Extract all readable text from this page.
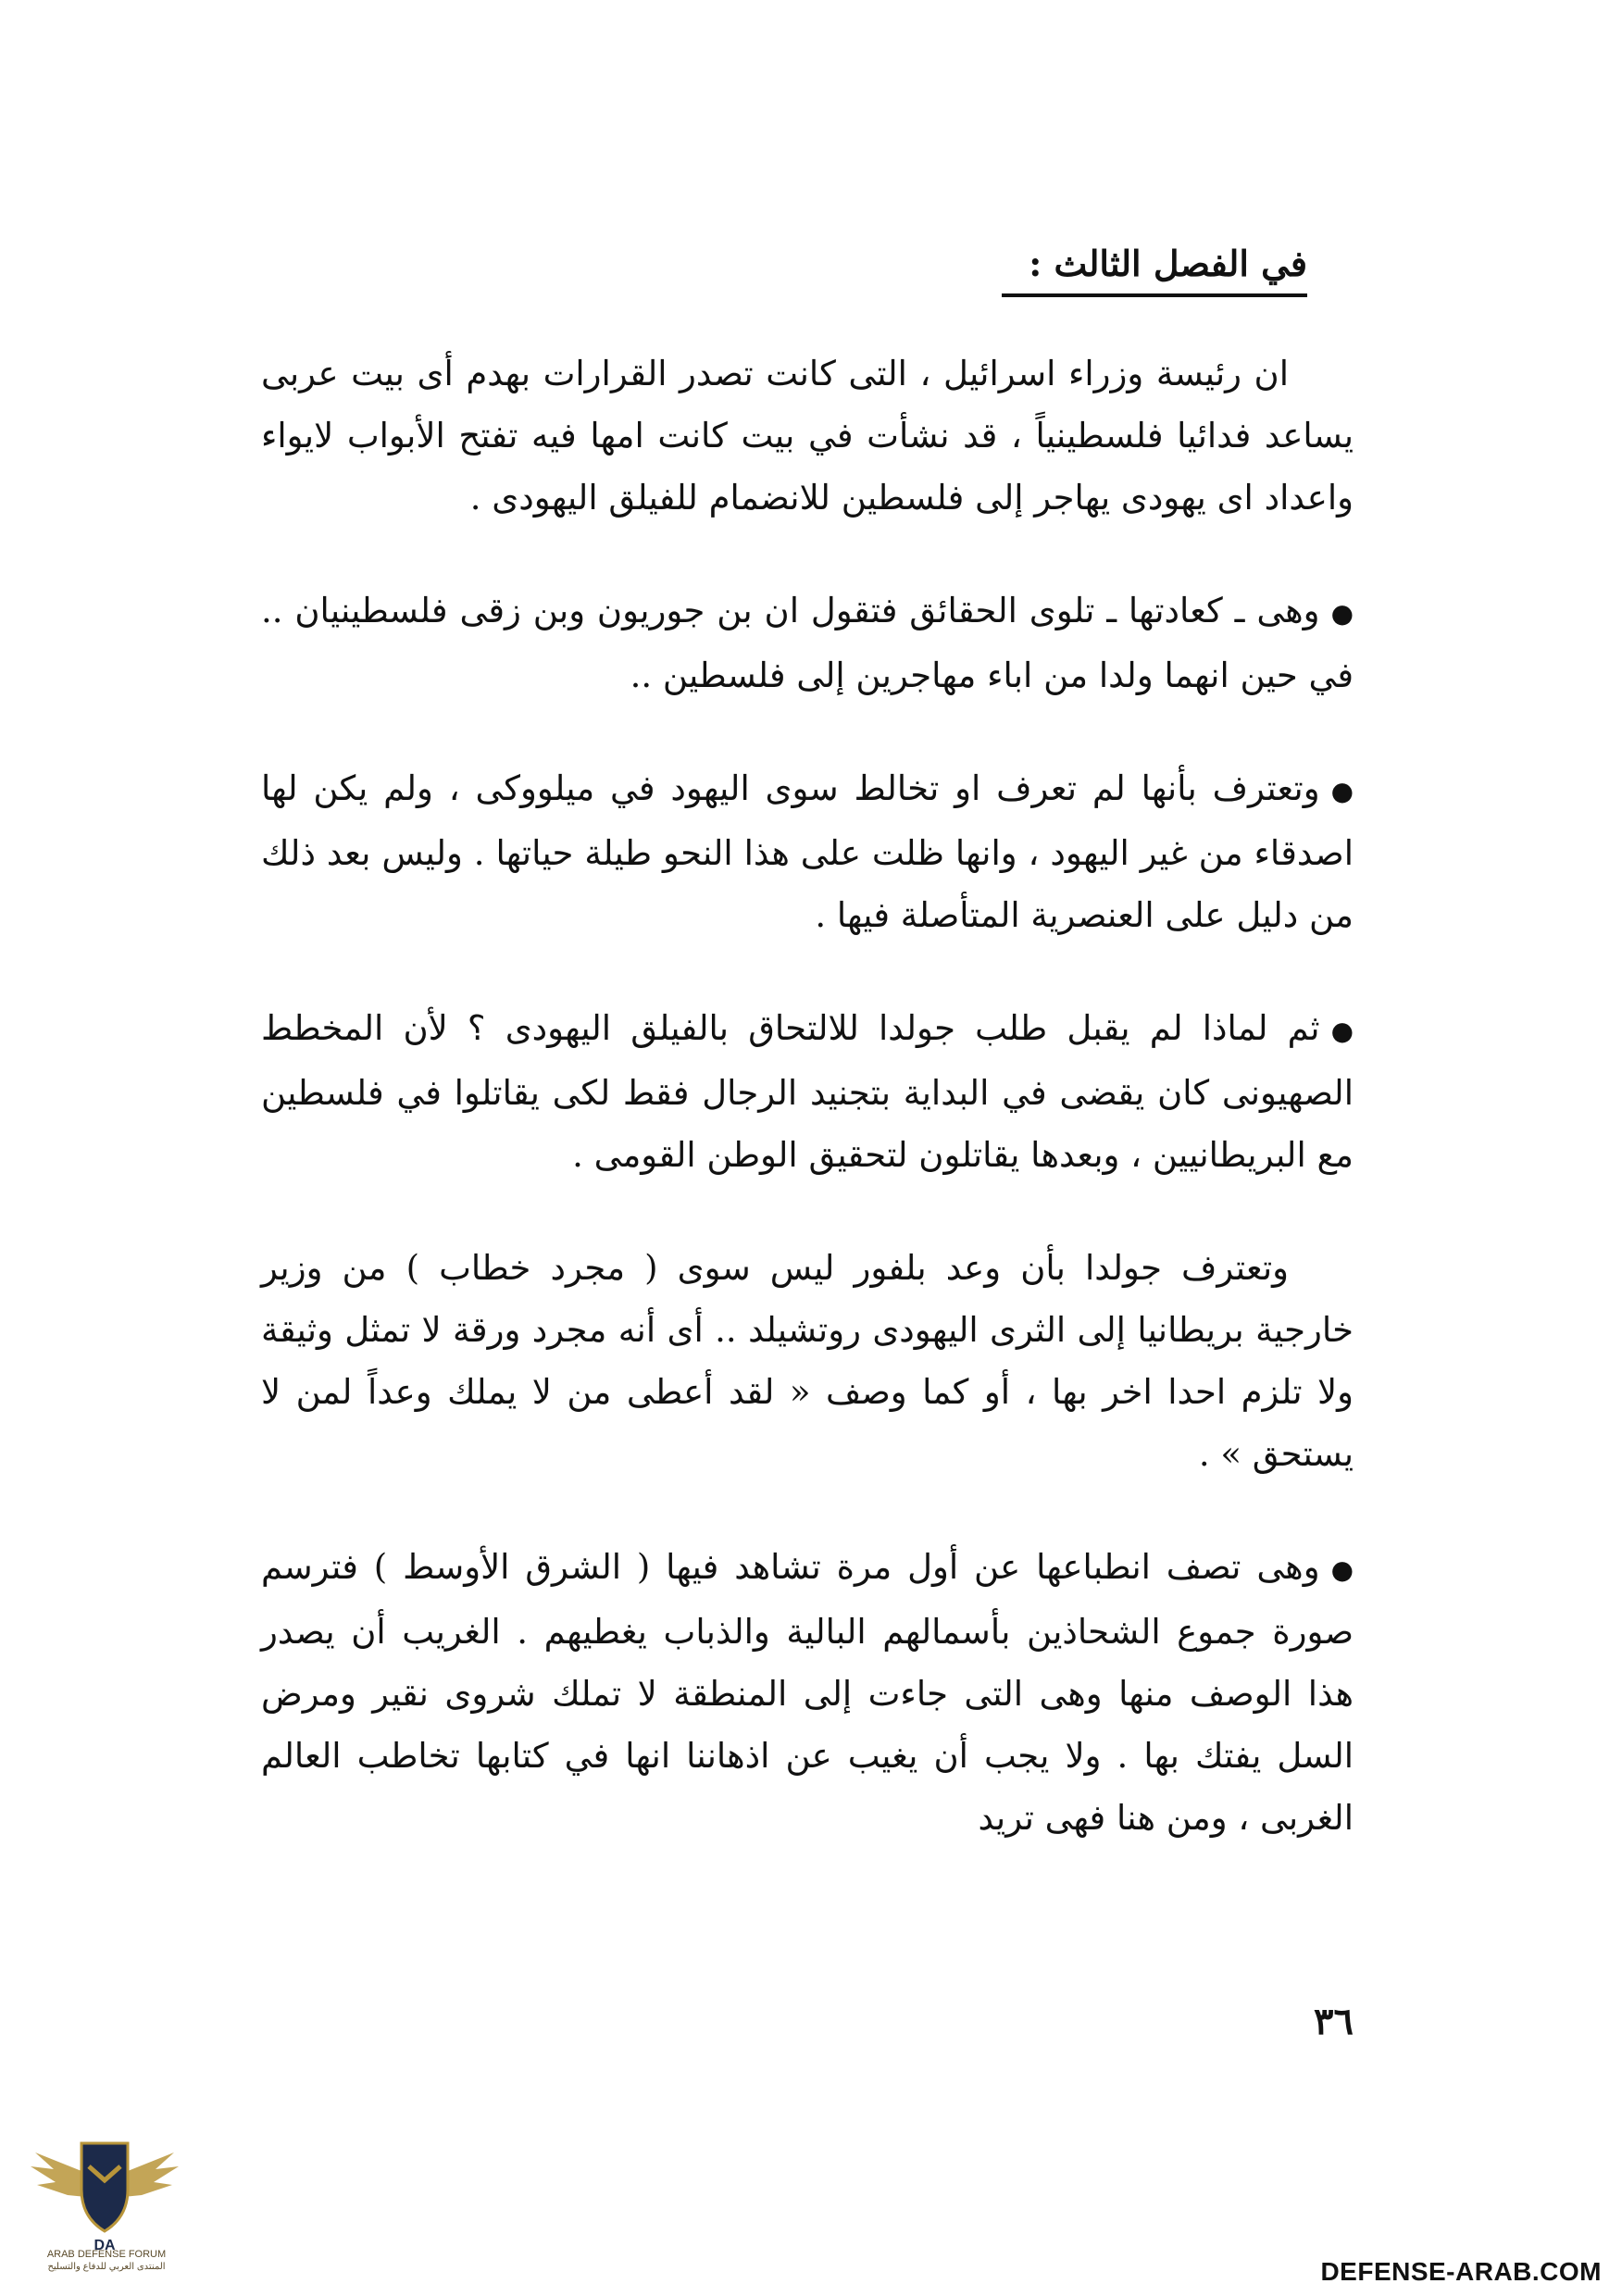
في الفصل الثالث :

ان رئيسة وزراء اسرائيل ، التى كانت تصدر القرارات بهدم أى بيت عربى يساعد فدائيا فلسطينياً ، قد نشأت في بيت كانت امها فيه تفتح الأبواب لايواء واعداد اى يهودى يهاجر إلى فلسطين للانضمام للفيلق اليهودى .

●وهى ـ كعادتها ـ تلوى الحقائق فتقول ان بن جوريون وبن زقى فلسطينيان .. في حين انهما ولدا من اباء مهاجرين إلى فلسطين ..

●وتعترف بأنها لم تعرف او تخالط سوى اليهود في ميلووكى ، ولم يكن لها اصدقاء من غير اليهود ، وانها ظلت على هذا النحو طيلة حياتها . وليس بعد ذلك من دليل على العنصرية المتأصلة فيها .

●ثم لماذا لم يقبل طلب جولدا للالتحاق بالفيلق اليهودى ؟ لأن المخطط الصهيونى كان يقضى في البداية بتجنيد الرجال فقط لكى يقاتلوا في فلسطين مع البريطانيين ، وبعدها يقاتلون لتحقيق الوطن القومى .

وتعترف جولدا بأن وعد بلفور ليس سوى ( مجرد خطاب ) من وزير خارجية بريطانيا إلى الثرى اليهودى روتشيلد .. أى أنه مجرد ورقة لا تمثل وثيقة ولا تلزم احدا اخر بها ، أو كما وصف « لقد أعطى من لا يملك وعداً لمن لا يستحق » .

●وهى تصف انطباعها عن أول مرة تشاهد فيها ( الشرق الأوسط ) فترسم صورة جموع الشحاذين بأسمالهم البالية والذباب يغطيهم . الغريب أن يصدر هذا الوصف منها وهى التى جاءت إلى المنطقة لا تملك شروى نقير ومرض السل يفتك بها . ولا يجب أن يغيب عن اذهاننا انها في كتابها تخاطب العالم الغربى ، ومن هنا فهى تريد

٣٦
DA
ARAB DEFENSE FORUM
المنتدى العربي للدفاع والتسليح	DEFENSE-ARAB.COM
